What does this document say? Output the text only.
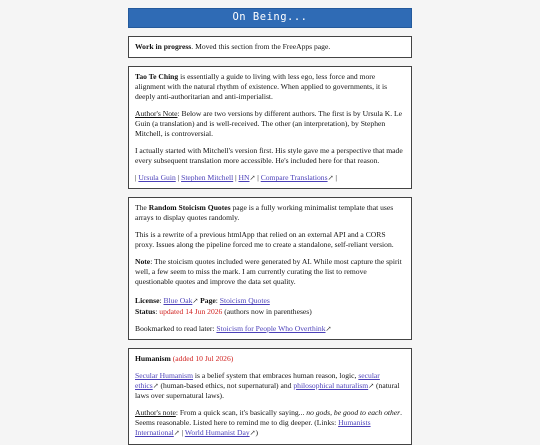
On Being...
Work in progress. Moved this section from the FreeApps page.

Tao Te Ching is essentially a guide to living with less ego, less force and more alignment with the natural rhythm of existence. When applied to governments, it is deeply anti-authoritarian and anti-imperialist.

Author's Note: Below are two versions by different authors. The first is by Ursula K. Le Guin (a translation) and is well-received. The other (an interpretation), by Stephen Mitchell, is controversial.

I actually started with Mitchell's version first. His style gave me a perspective that made every subsequent translation more accessible. He's included here for that reason.

| Ursula Guin | Stephen Mitchell | HN↗ | Compare Translations↗ |

The Random Stoicism Quotes page is a fully working minimalist template that uses arrays to display quotes randomly.

This is a rewrite of a previous htmlApp that relied on an external API and a CORS proxy. Issues along the pipeline forced me to create a standalone, self-reliant version.

Note: The stoicism quotes included were generated by AI. While most capture the spirit well, a few seem to miss the mark. I am currently curating the list to remove questionable quotes and improve the data set quality.

License: Blue Oak↗ Page: Stoicism Quotes
Status: updated 14 Jun 2026 (authors now in parentheses)

Bookmarked to read later: Stoicism for People Who Overthink↗

Humanism (added 10 Jul 2026)

Secular Humanism is a belief system that embraces human reason, logic, secular ethics↗ (human-based ethics, not supernatural) and philosophical naturalism↗ (natural laws over supernatural laws).

Author's note: From a quick scan, it's basically saying... no gods, be good to each other. Seems reasonable. Listed here to remind me to dig deeper. (Links: Humanists International↗ | World Humanist Day↗)
